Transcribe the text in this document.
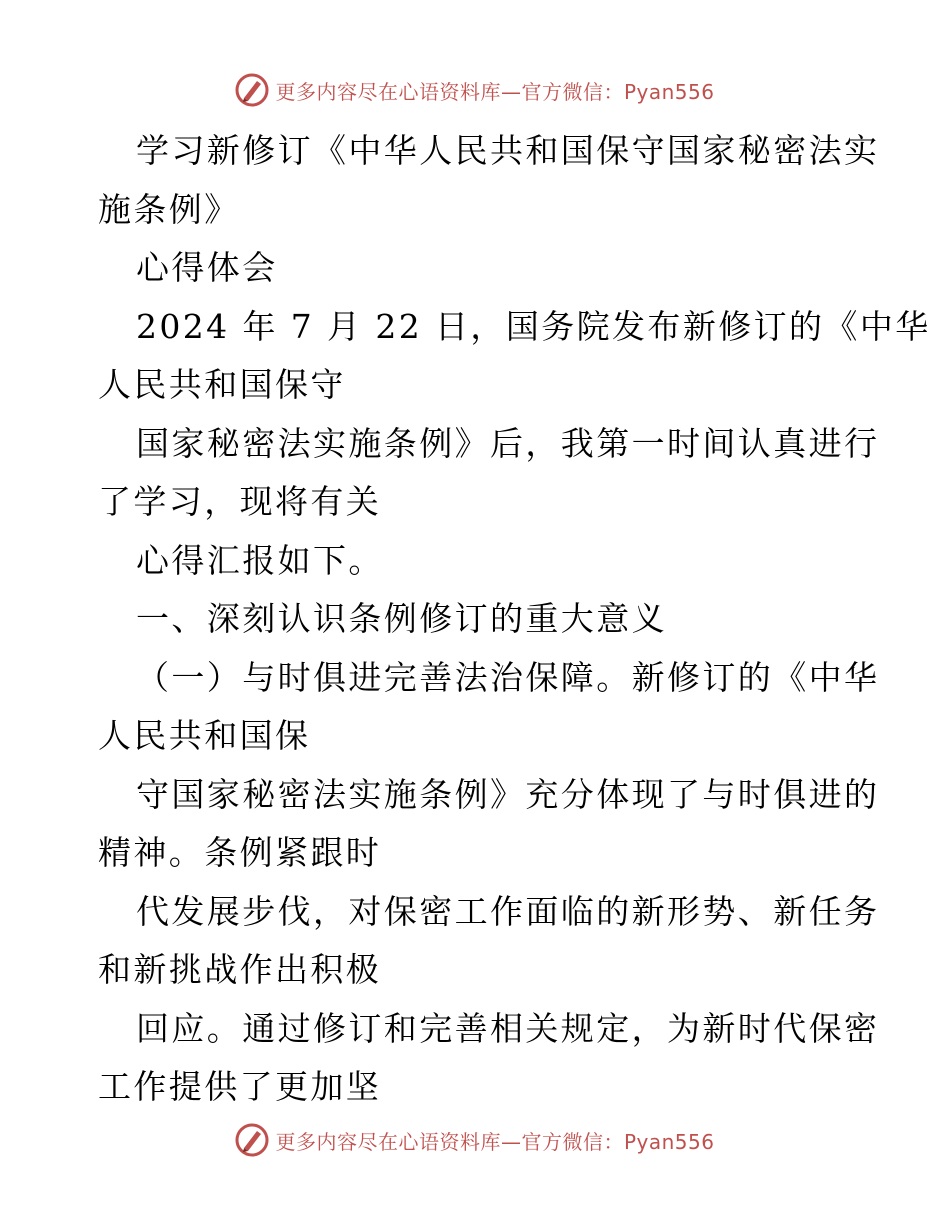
更多内容尽在心语资料库—官方微信：Pyan556
学习新修订《中华人民共和国保守国家秘密法实
施条例》
心得体会
2024 年 7 月 22 日，国务院发布新修订的《中华
人民共和国保守
国家秘密法实施条例》后，我第一时间认真进行
了学习，现将有关
心得汇报如下。
一、深刻认识条例修订的重大意义
（一）与时俱进完善法治保障。新修订的《中华
人民共和国保
守国家秘密法实施条例》充分体现了与时俱进的
精神。条例紧跟时
代发展步伐，对保密工作面临的新形势、新任务
和新挑战作出积极
回应。通过修订和完善相关规定，为新时代保密
工作提供了更加坚
更多内容尽在心语资料库—官方微信：Pyan556
